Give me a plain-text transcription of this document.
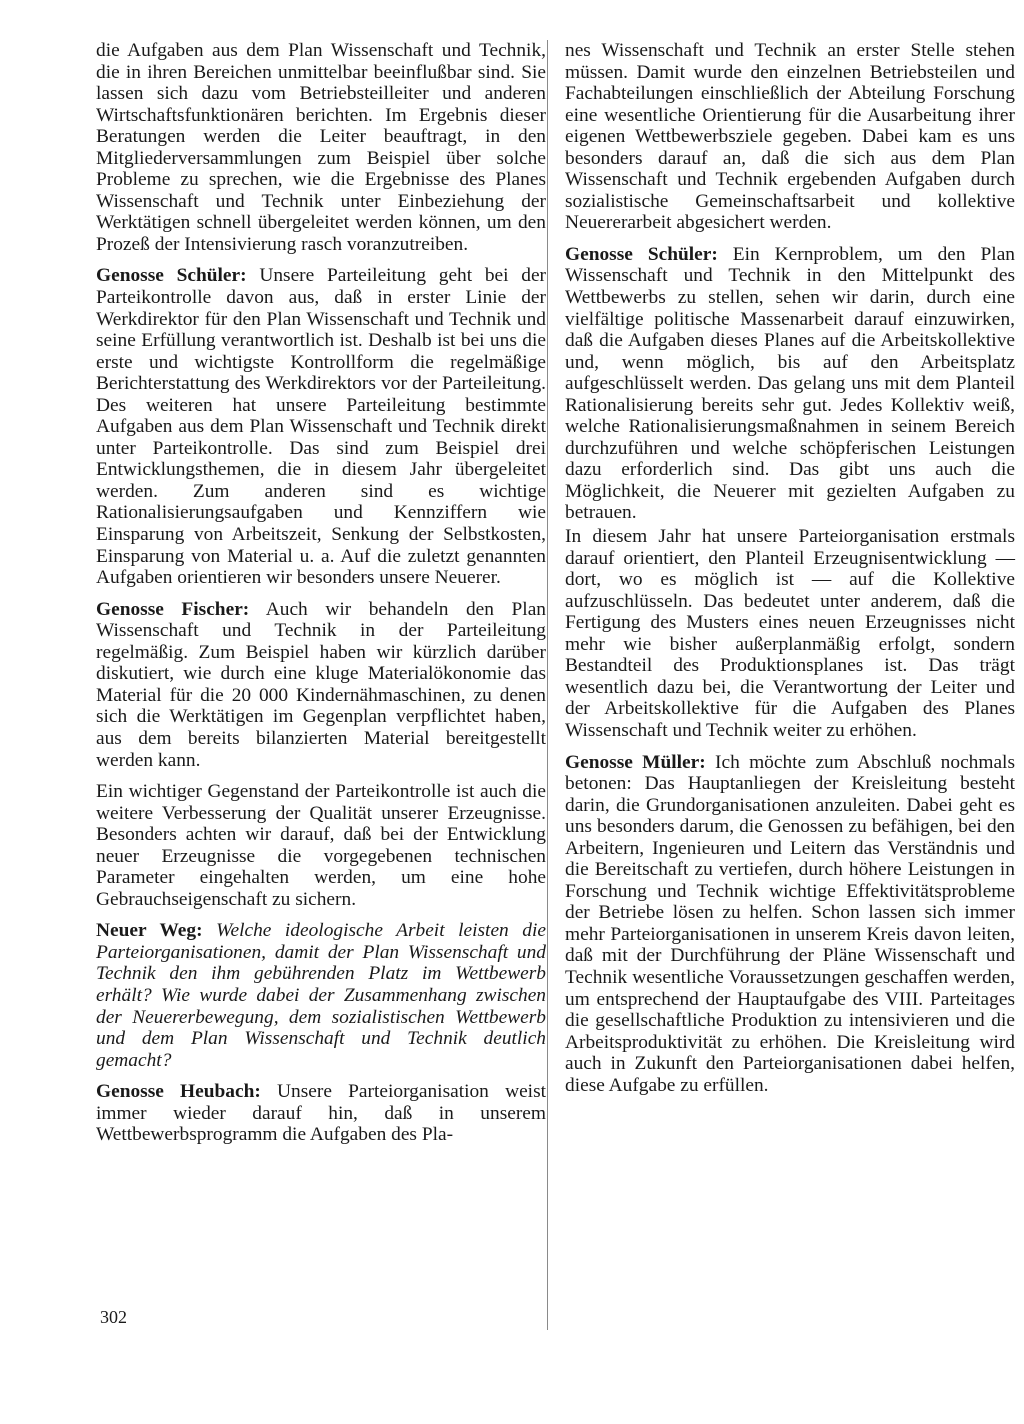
die Aufgaben aus dem Plan Wissenschaft und Technik, die in ihren Bereichen unmittelbar beeinflußbar sind. Sie lassen sich dazu vom Betriebsteilleiter und anderen Wirtschaftsfunktionären berichten. Im Ergebnis dieser Beratungen werden die Leiter beauftragt, in den Mitgliederversammlungen zum Beispiel über solche Probleme zu sprechen, wie die Ergebnisse des Planes Wissenschaft und Technik unter Einbeziehung der Werktätigen schnell übergeleitet werden können, um den Prozeß der Intensivierung rasch voranzutreiben.

Genosse Schüler: Unsere Parteileitung geht bei der Parteikontrolle davon aus, daß in erster Linie der Werkdirektor für den Plan Wissenschaft und Technik und seine Erfüllung verantwortlich ist. Deshalb ist bei uns die erste und wichtigste Kontrollform die regelmäßige Berichterstattung des Werkdirektors vor der Parteileitung. Des weiteren hat unsere Parteileitung bestimmte Aufgaben aus dem Plan Wissenschaft und Technik direkt unter Parteikontrolle. Das sind zum Beispiel drei Entwicklungsthemen, die in diesem Jahr übergeleitet werden. Zum anderen sind es wichtige Rationalisierungsaufgaben und Kennziffern wie Einsparung von Arbeitszeit, Senkung der Selbstkosten, Einsparung von Material u. a. Auf die zuletzt genannten Aufgaben orientieren wir besonders unsere Neuerer.

Genosse Fischer: Auch wir behandeln den Plan Wissenschaft und Technik in der Parteileitung regelmäßig. Zum Beispiel haben wir kürzlich darüber diskutiert, wie durch eine kluge Materialökonomie das Material für die 20 000 Kindernähmaschinen, zu denen sich die Werktätigen im Gegenplan verpflichtet haben, aus dem bereits bilanzierten Material bereitgestellt werden kann.

Ein wichtiger Gegenstand der Parteikontrolle ist auch die weitere Verbesserung der Qualität unserer Erzeugnisse. Besonders achten wir darauf, daß bei der Entwicklung neuer Erzeugnisse die vorgegebenen technischen Parameter eingehalten werden, um eine hohe Gebrauchseigenschaft zu sichern.

Neuer Weg: Welche ideologische Arbeit leisten die Parteiorganisationen, damit der Plan Wissenschaft und Technik den ihm gebührenden Platz im Wettbewerb erhält? Wie wurde dabei der Zusammenhang zwischen der Neuererbewegung, dem sozialistischen Wettbewerb und dem Plan Wissenschaft und Technik deutlich gemacht?

Genosse Heubach: Unsere Parteiorganisation weist immer wieder darauf hin, daß in unserem Wettbewerbsprogramm die Aufgaben des Pla-

nes Wissenschaft und Technik an erster Stelle stehen müssen. Damit wurde den einzelnen Betriebsteilen und Fachabteilungen einschließlich der Abteilung Forschung eine wesentliche Orientierung für die Ausarbeitung ihrer eigenen Wettbewerbsziele gegeben. Dabei kam es uns besonders darauf an, daß die sich aus dem Plan Wissenschaft und Technik ergebenden Aufgaben durch sozialistische Gemeinschaftsarbeit und kollektive Neuererarbeit abgesichert werden.

Genosse Schüler: Ein Kernproblem, um den Plan Wissenschaft und Technik in den Mittelpunkt des Wettbewerbs zu stellen, sehen wir darin, durch eine vielfältige politische Massenarbeit darauf einzuwirken, daß die Aufgaben dieses Planes auf die Arbeitskollektive und, wenn möglich, bis auf den Arbeitsplatz aufgeschlüsselt werden. Das gelang uns mit dem Planteil Rationalisierung bereits sehr gut. Jedes Kollektiv weiß, welche Rationalisierungsmaßnahmen in seinem Bereich durchzuführen und welche schöpferischen Leistungen dazu erforderlich sind. Das gibt uns auch die Möglichkeit, die Neuerer mit gezielten Aufgaben zu betrauen.

In diesem Jahr hat unsere Parteiorganisation erstmals darauf orientiert, den Planteil Erzeugnisentwicklung — dort, wo es möglich ist — auf die Kollektive aufzuschlüsseln. Das bedeutet unter anderem, daß die Fertigung des Musters eines neuen Erzeugnisses nicht mehr wie bisher außerplanmäßig erfolgt, sondern Bestandteil des Produktionsplanes ist. Das trägt wesentlich dazu bei, die Verantwortung der Leiter und der Arbeitskollektive für die Aufgaben des Planes Wissenschaft und Technik weiter zu erhöhen.

Genosse Müller: Ich möchte zum Abschluß nochmals betonen: Das Hauptanliegen der Kreisleitung besteht darin, die Grundorganisationen anzuleiten. Dabei geht es uns besonders darum, die Genossen zu befähigen, bei den Arbeitern, Ingenieuren und Leitern das Verständnis und die Bereitschaft zu vertiefen, durch höhere Leistungen in Forschung und Technik wichtige Effektivitätsprobleme der Betriebe lösen zu helfen. Schon lassen sich immer mehr Parteiorganisationen in unserem Kreis davon leiten, daß mit der Durchführung der Pläne Wissenschaft und Technik wesentliche Voraussetzungen geschaffen werden, um entsprechend der Hauptaufgabe des VIII. Parteitages die gesellschaftliche Produktion zu intensivieren und die Arbeitsproduktivität zu erhöhen. Die Kreisleitung wird auch in Zukunft den Parteiorganisationen dabei helfen, diese Aufgabe zu erfüllen.

302
